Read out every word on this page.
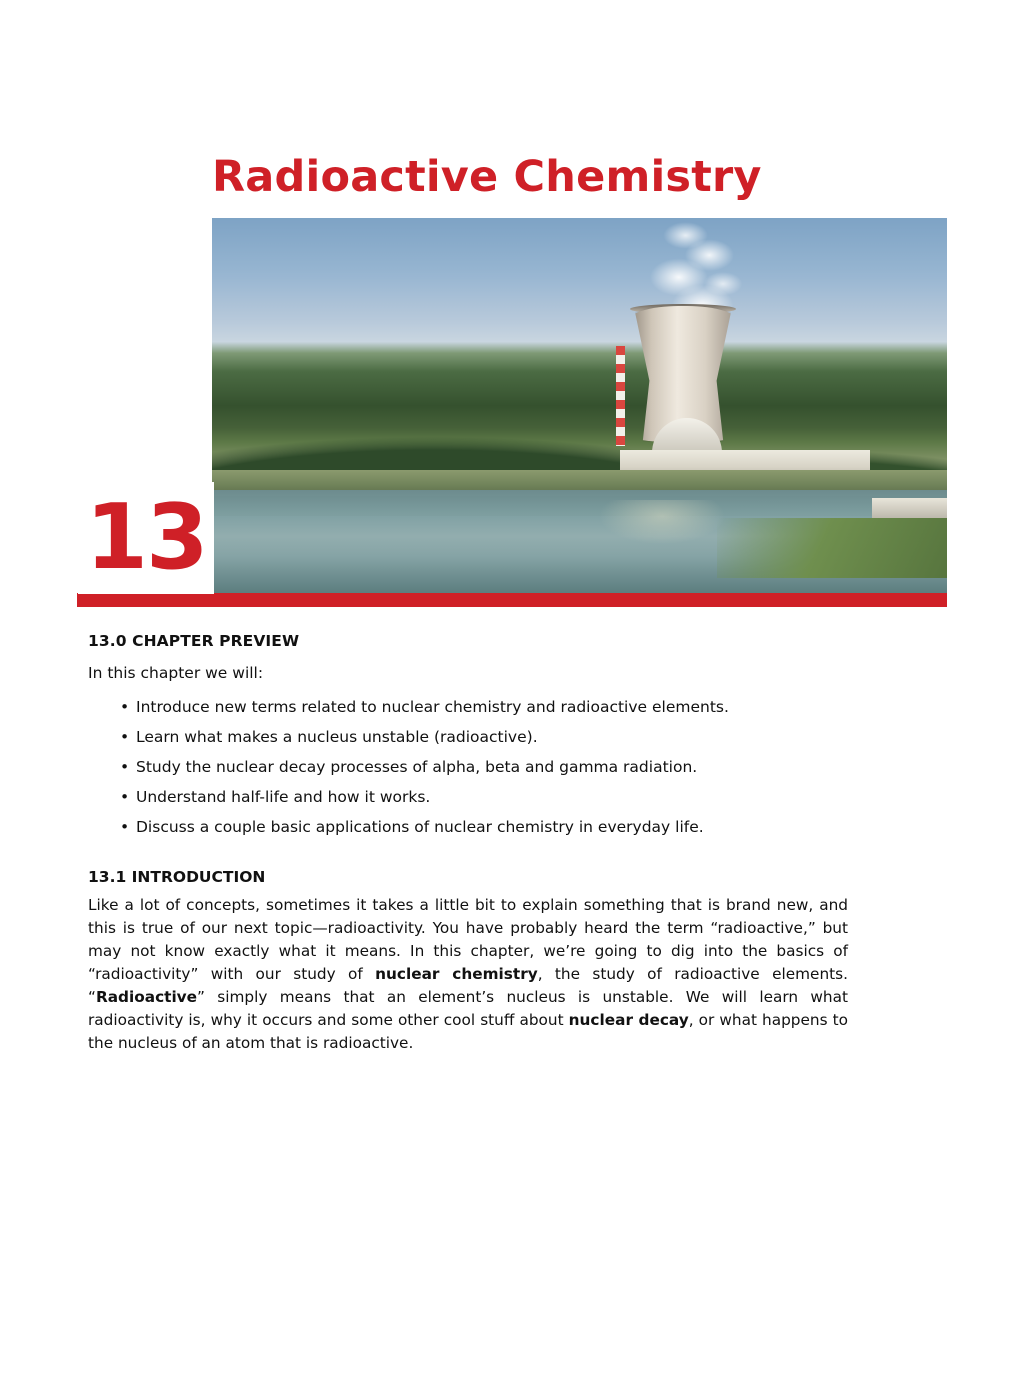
Radioactive Chemistry
13
13.0 CHAPTER PREVIEW

In this chapter we will:

• Introduce new terms related to nuclear chemistry and radioactive elements.
• Learn what makes a nucleus unstable (radioactive).
• Study the nuclear decay processes of alpha, beta and gamma radiation.
• Understand half-life and how it works.
• Discuss a couple basic applications of nuclear chemistry in everyday life.
13.1 INTRODUCTION

Like a lot of concepts, sometimes it takes a little bit to explain something that is brand new, and this is true of our next topic—radioactivity. You have probably heard the term “radioactive,” but may not know exactly what it means. In this chapter, we’re going to dig into the basics of “radioactivity” with our study of nuclear chemistry, the study of radioactive elements. “Radioactive” simply means that an element’s nucleus is unstable. We will learn what radioactivity is, why it occurs and some other cool stuff about nuclear decay, or what happens to the nucleus of an atom that is radioactive.
